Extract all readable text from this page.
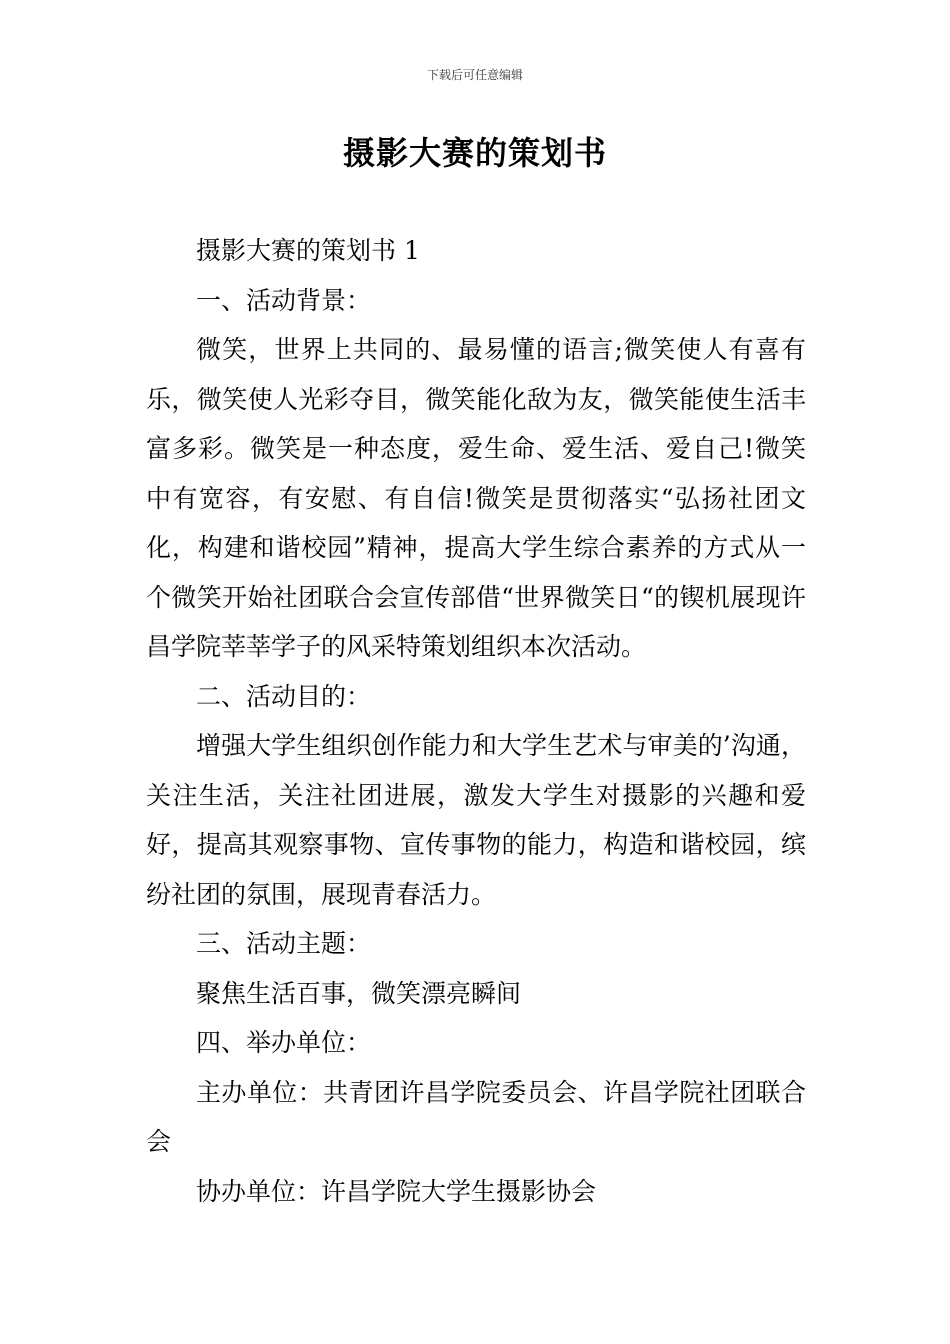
下载后可任意编辑
摄影大赛的策划书

摄影大赛的策划书 1

一、活动背景：

微笑，世界上共同的、最易懂的语言;微笑使人有喜有乐，微笑使人光彩夺目，微笑能化敌为友，微笑能使生活丰富多彩。微笑是一种态度，爱生命、爱生活、爱自己!微笑中有宽容，有安慰、有自信!微笑是贯彻落实“弘扬社团文化，构建和谐校园”精神，提高大学生综合素养的方式从一个微笑开始社团联合会宣传部借“世界微笑日“的锲机展现许昌学院莘莘学子的风采特策划组织本次活动。

二、活动目的：

增强大学生组织创作能力和大学生艺术与审美的’沟通，关注生活，关注社团进展，激发大学生对摄影的兴趣和爱好，提高其观察事物、宣传事物的能力，构造和谐校园，缤纷社团的氛围，展现青春活力。

三、活动主题：

聚焦生活百事，微笑漂亮瞬间

四、举办单位：

主办单位：共青团许昌学院委员会、许昌学院社团联合会

协办单位：许昌学院大学生摄影协会
